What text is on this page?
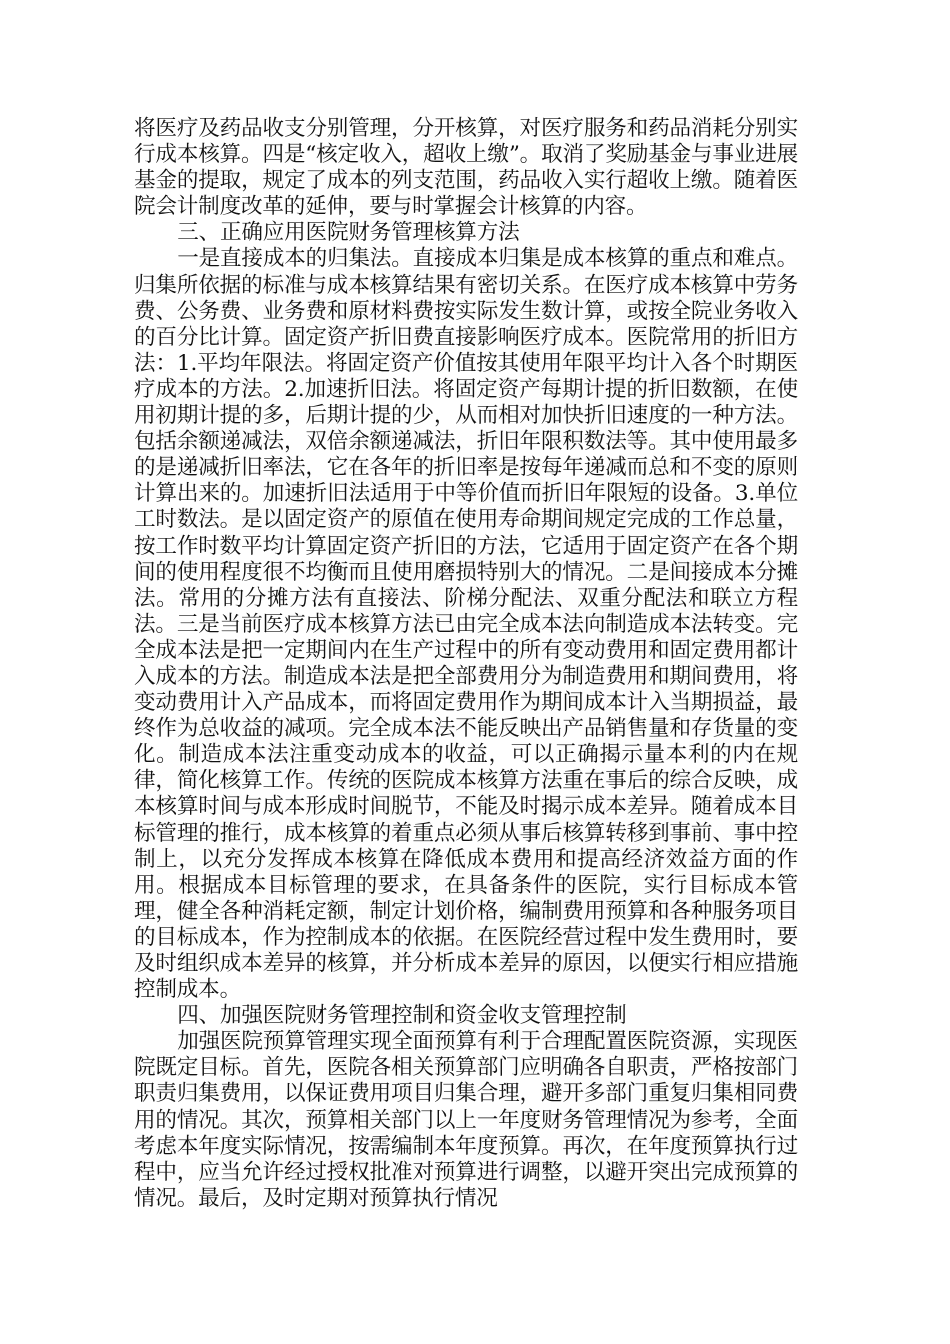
将医疗及药品收支分别管理，分开核算，对医疗服务和药品消耗分别实行成本核算。四是“核定收入，超收上缴”。取消了奖励基金与事业进展基金的提取，规定了成本的列支范围，药品收入实行超收上缴。随着医院会计制度改革的延伸，要与时掌握会计核算的内容。

三、正确应用医院财务管理核算方法

一是直接成本的归集法。直接成本归集是成本核算的重点和难点。归集所依据的标准与成本核算结果有密切关系。在医疗成本核算中劳务费、公务费、业务费和原材料费按实际发生数计算，或按全院业务收入的百分比计算。固定资产折旧费直接影响医疗成本。医院常用的折旧方法：1.平均年限法。将固定资产价值按其使用年限平均计入各个时期医疗成本的方法。2.加速折旧法。将固定资产每期计提的折旧数额，在使用初期计提的多，后期计提的少，从而相对加快折旧速度的一种方法。包括余额递减法，双倍余额递减法，折旧年限积数法等。其中使用最多的是递减折旧率法，它在各年的折旧率是按每年递减而总和不变的原则计算出来的。加速折旧法适用于中等价值而折旧年限短的设备。3.单位工时数法。是以固定资产的原值在使用寿命期间规定完成的工作总量，按工作时数平均计算固定资产折旧的方法，它适用于固定资产在各个期间的使用程度很不均衡而且使用磨损特别大的情况。二是间接成本分摊法。常用的分摊方法有直接法、阶梯分配法、双重分配法和联立方程法。三是当前医疗成本核算方法已由完全成本法向制造成本法转变。完全成本法是把一定期间内在生产过程中的所有变动费用和固定费用都计入成本的方法。制造成本法是把全部费用分为制造费用和期间费用，将变动费用计入产品成本，而将固定费用作为期间成本计入当期损益，最终作为总收益的减项。完全成本法不能反映出产品销售量和存货量的变化。制造成本法注重变动成本的收益，可以正确揭示量本利的内在规律，简化核算工作。传统的医院成本核算方法重在事后的综合反映，成本核算时间与成本形成时间脱节，不能及时揭示成本差异。随着成本目标管理的推行，成本核算的着重点必须从事后核算转移到事前、事中控制上，以充分发挥成本核算在降低成本费用和提高经济效益方面的作用。根据成本目标管理的要求，在具备条件的医院，实行目标成本管理，健全各种消耗定额，制定计划价格，编制费用预算和各种服务项目的目标成本，作为控制成本的依据。在医院经营过程中发生费用时，要及时组织成本差异的核算，并分析成本差异的原因，以便实行相应措施控制成本。

四、加强医院财务管理控制和资金收支管理控制

加强医院预算管理实现全面预算有利于合理配置医院资源，实现医院既定目标。首先，医院各相关预算部门应明确各自职责，严格按部门职责归集费用，以保证费用项目归集合理，避开多部门重复归集相同费用的情况。其次，预算相关部门以上一年度财务管理情况为参考，全面考虑本年度实际情况，按需编制本年度预算。再次，在年度预算执行过程中，应当允许经过授权批准对预算进行调整，以避开突出完成预算的情况。最后，及时定期对预算执行情况
